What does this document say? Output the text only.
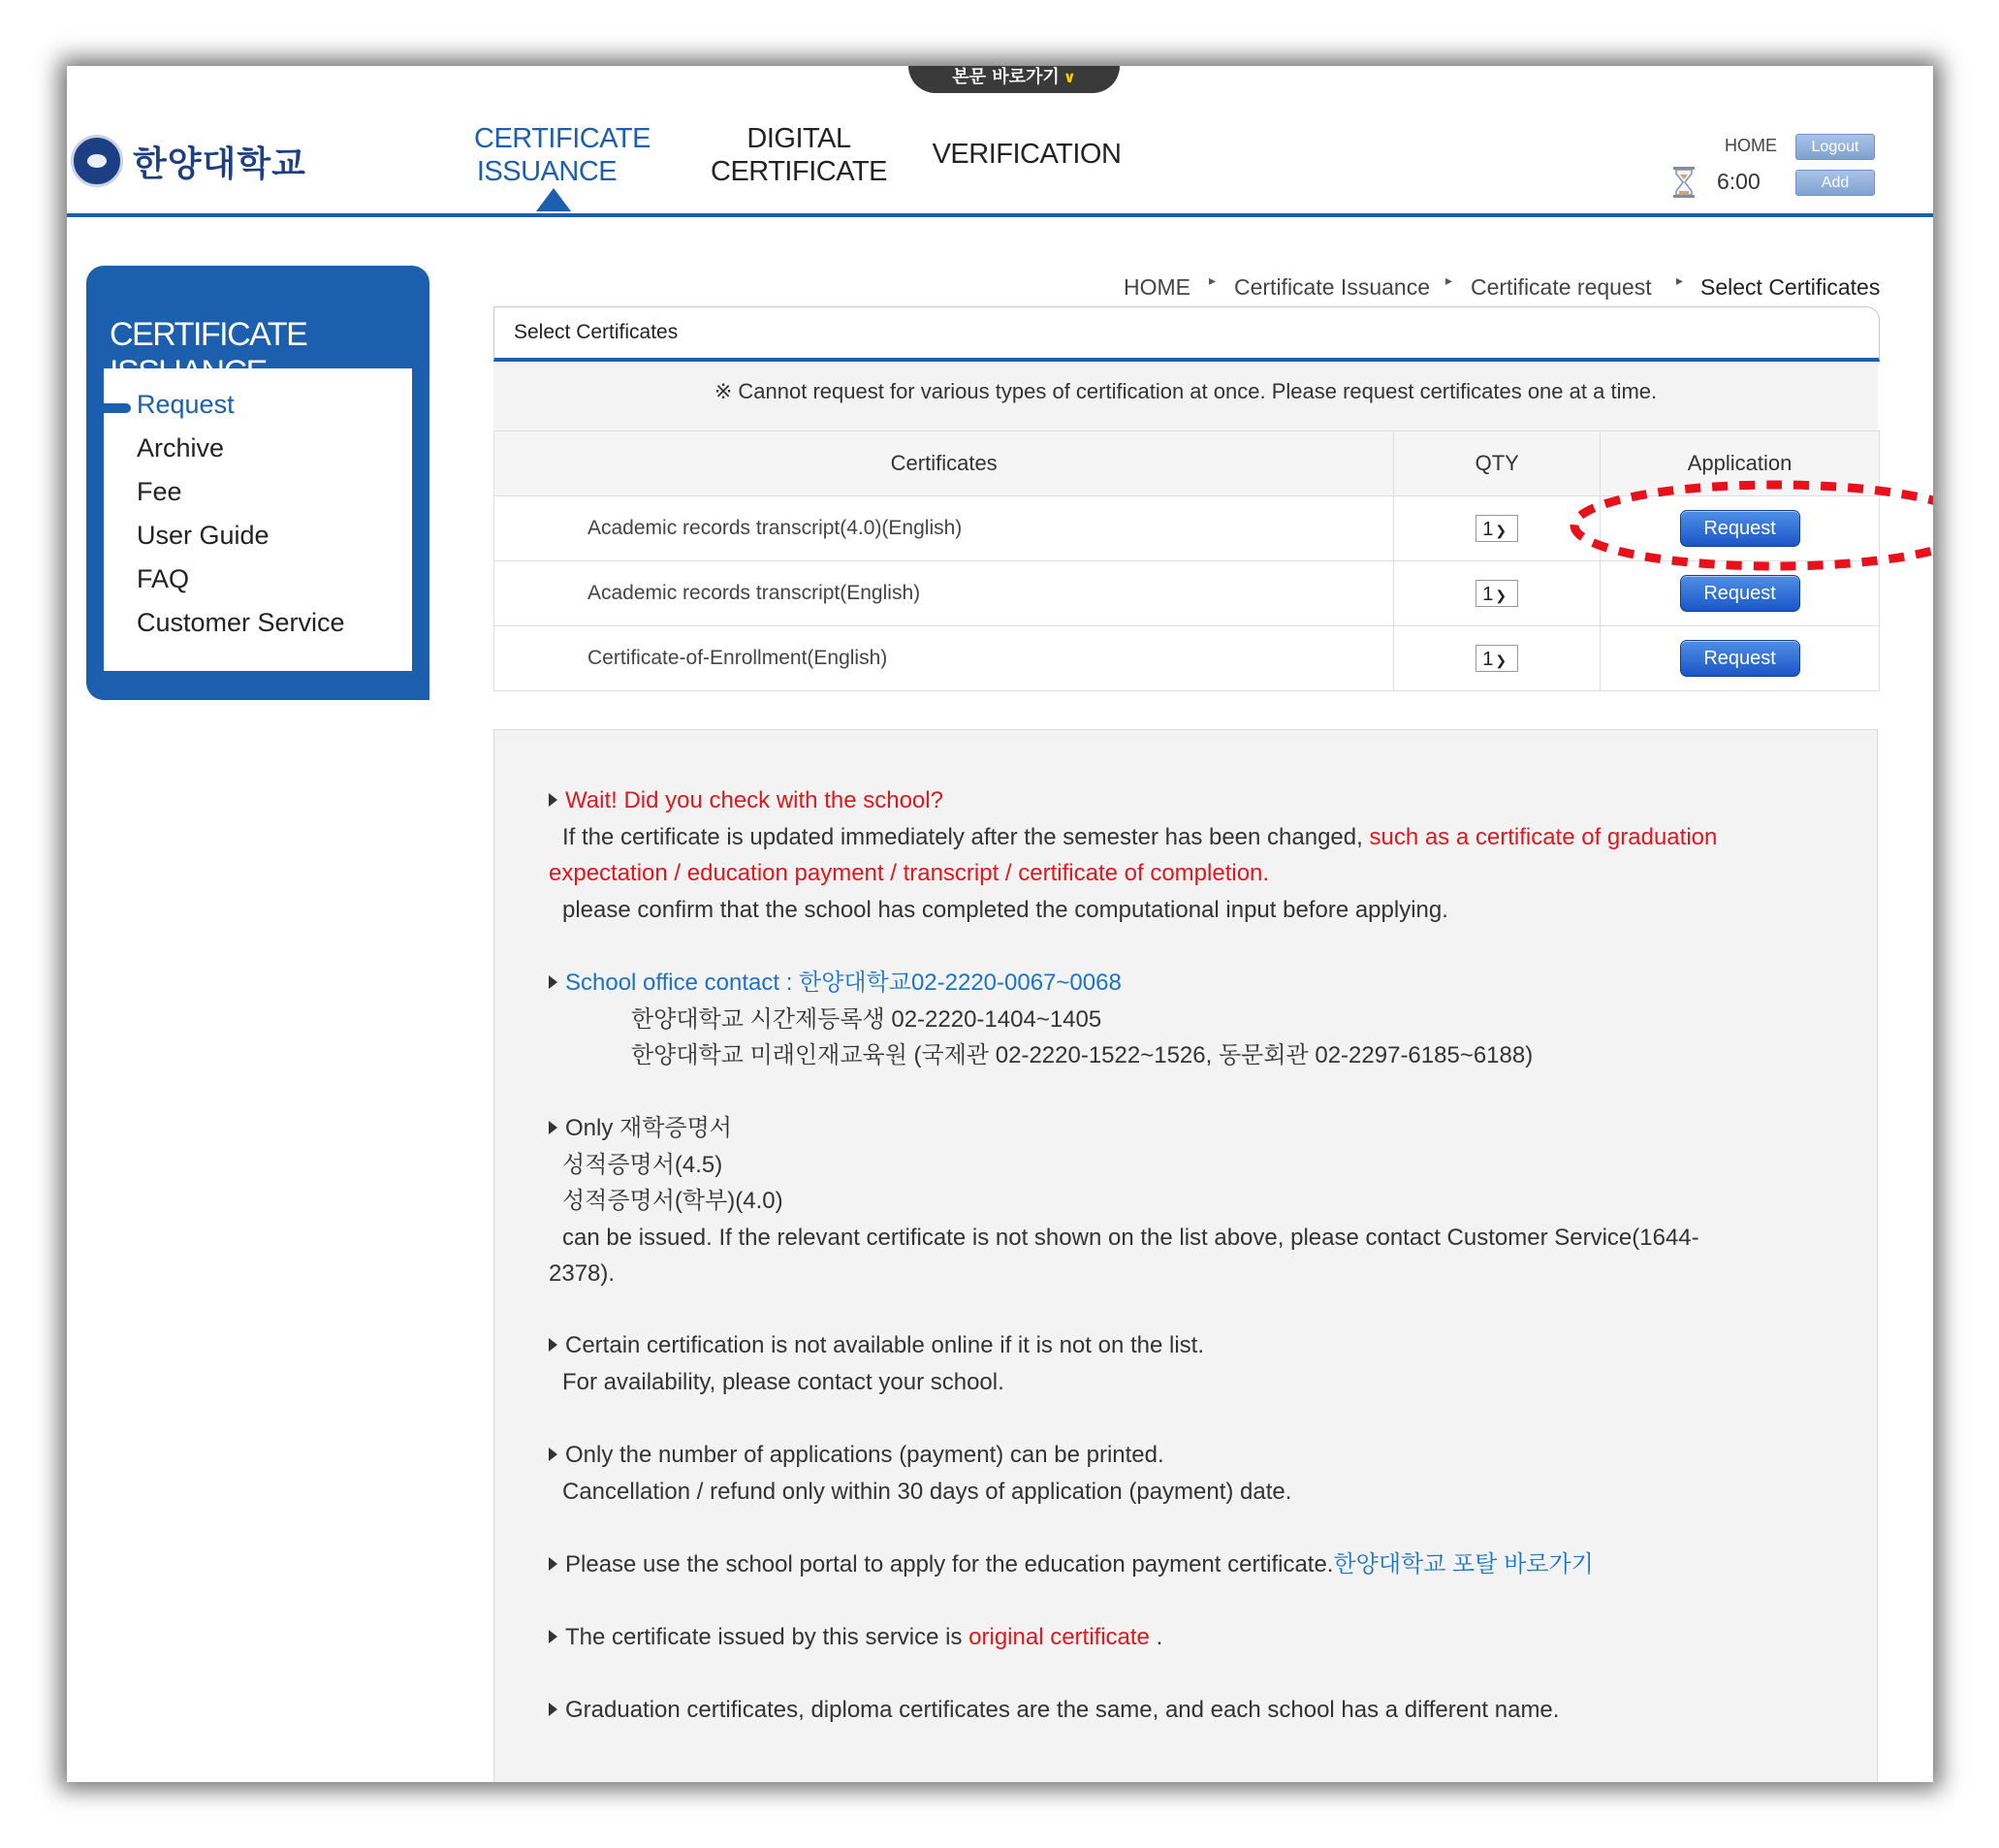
한양대학교
CERTIFICATE
ISSUANCE
DIGITAL
CERTIFICATE
VERIFICATION	HOME	Logout
6:00	Add
본문 바로가기 ∨
CERTIFICATE
Request
Archive
Fee
User Guide
FAQ
Customer Service
HOME ▸ Certificate Issuance ▸ Certificate request ▸ Select Certificates
Select Certificates
※ Cannot request for various types of certification at once. Please request certificates one at a time.
Certificates	QTY	Application
Academic records transcript(4.0)(English)	1 ❯	Request
Academic records transcript(English)	1 ❯	Request
Certificate-of-Enrollment(English)	1 ❯	Request
Wait! Did you check with the school?
If the certificate is updated immediately after the semester has been changed, such as a certificate of graduation
expectation / education payment / transcript / certificate of completion.
please confirm that the school has completed the computational input before applying.
School office contact : 한양대학교02-2220-0067~0068
한양대학교 시간제등록생 02-2220-1404~1405
한양대학교 미래인재교육원 (국제관 02-2220-1522~1526, 동문회관 02-2297-6185~6188)
Only 재학증명서
성적증명서(4.5)
성적증명서(학부)(4.0)
can be issued. If the relevant certificate is not shown on the list above, please contact Customer Service(1644-
2378).
Certain certification is not available online if it is not on the list.
For availability, please contact your school.
Only the number of applications (payment) can be printed.
Cancellation / refund only within 30 days of application (payment) date.
Please use the school portal to apply for the education payment certificate.한양대학교 포탈 바로가기
The certificate issued by this service is original certificate .
Graduation certificates, diploma certificates are the same, and each school has a different name.
